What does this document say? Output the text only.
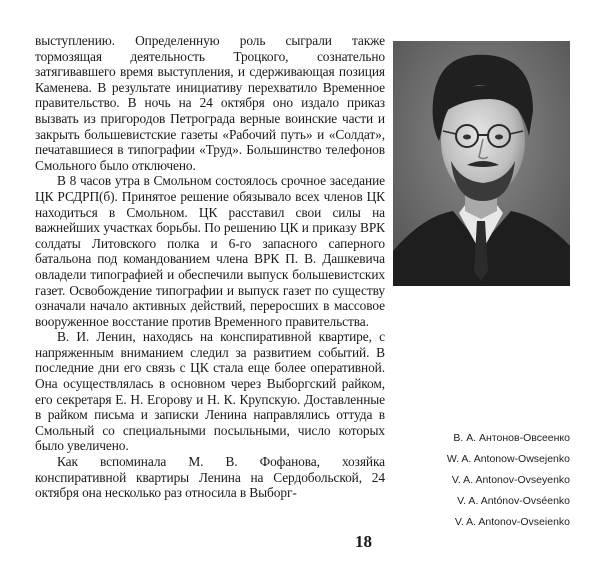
выступлению. Определенную роль сыграли также тормозящая деятельность Троцкого, сознательно затягивавшего время выступления, и сдерживающая позиция Каменева. В результате инициативу перехватило Временное правительство. В ночь на 24 октября оно издало приказ вызвать из пригородов Петрограда верные воинские части и закрыть большевистские газеты «Рабочий путь» и «Солдат», печатавшиеся в типографии «Труд». Большинство телефонов Смольного было отключено.

В 8 часов утра в Смольном состоялось срочное заседание ЦК РСДРП(б). Принятое решение обязывало всех членов ЦК находиться в Смольном. ЦК расставил свои силы на важнейших участках борьбы. По решению ЦК и приказу ВРК солдаты Литовского полка и 6-го запасного саперного батальона под командованием члена ВРК П. В. Дашкевича овладели типографией и обеспечили выпуск большевистских газет. Освобождение типографии и выпуск газет по существу означали начало активных действий, переросших в массовое вооруженное восстание против Временного правительства.

В. И. Ленин, находясь на конспиративной квартире, с напряженным вниманием следил за развитием событий. В последние дни его связь с ЦК стала еще более оперативной. Она осуществлялась в основном через Выборгский райком, его секретаря Е. Н. Егорову и Н. К. Крупскую. Доставленные в райком письма и записки Ленина направлялись оттуда в Смольный со специальными посыльными, число которых было увеличено.

Как вспоминала М. В. Фофанова, хозяйка конспиративной квартиры Ленина на Сердобольской, 24 октября она несколько раз относила в Выборг-

В. А. Антонов-Овсеенко
W. A. Antonow-Owsejenko
V. A. Antonov-Ovseyenko
V. A. Antónov-Ovséenko
V. A. Antonov-Ovseienko
18
